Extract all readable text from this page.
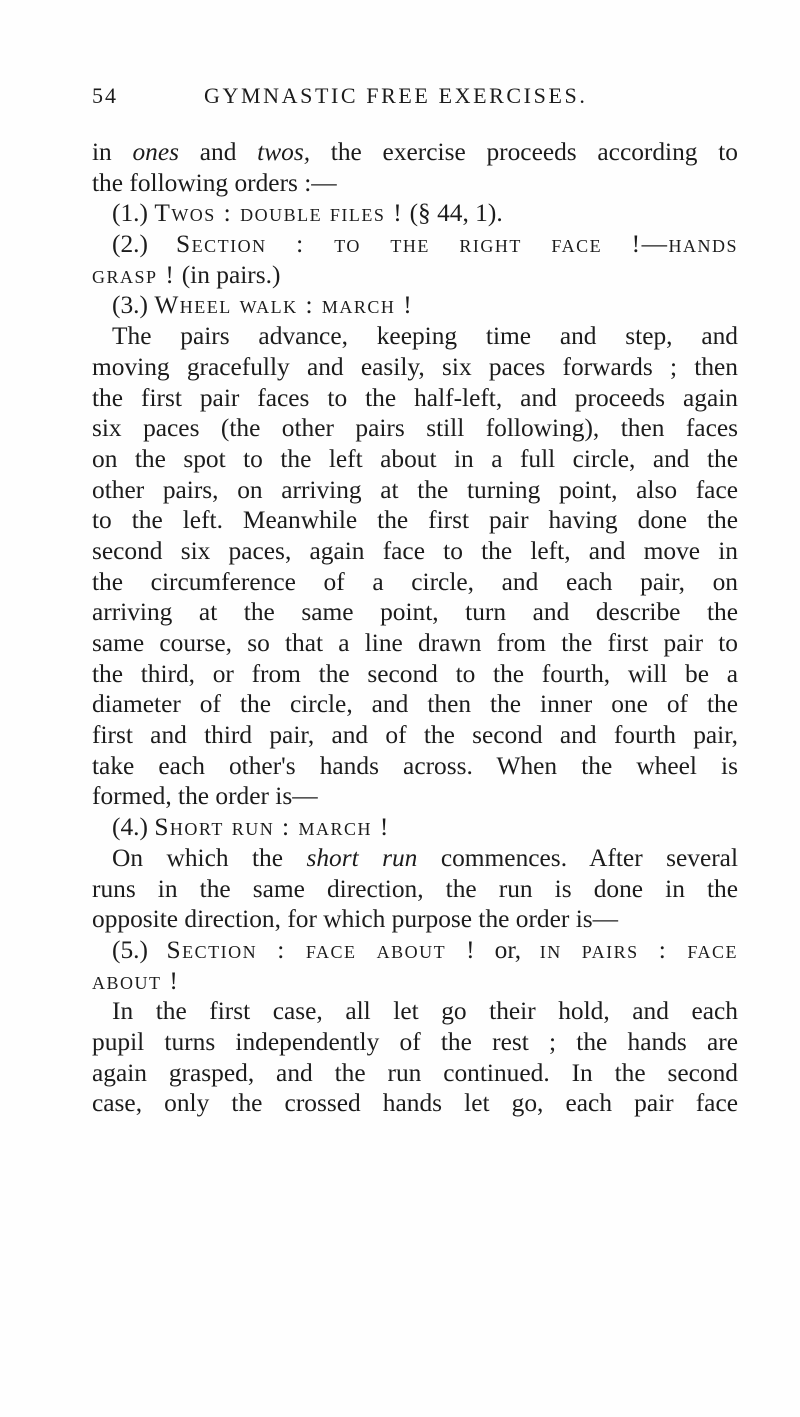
54	GYMNASTIC FREE EXERCISES.
in ones and twos, the exercise proceeds according to
the following orders :—
(1.) Twos : double files ! (§ 44, 1).
(2.) Section : to the right face !—hands
grasp ! (in pairs.)
(3.) Wheel walk : march !
The pairs advance, keeping time and step, and
moving gracefully and easily, six paces forwards ; then
the first pair faces to the half-left, and proceeds again
six paces (the other pairs still following), then faces
on the spot to the left about in a full circle, and the
other pairs, on arriving at the turning point, also face
to the left. Meanwhile the first pair having done the
second six paces, again face to the left, and move in
the circumference of a circle, and each pair, on
arriving at the same point, turn and describe the
same course, so that a line drawn from the first pair to
the third, or from the second to the fourth, will be a
diameter of the circle, and then the inner one of the
first and third pair, and of the second and fourth pair,
take each other's hands across. When the wheel is
formed, the order is—
(4.) Short run : march !
On which the short run commences. After several
runs in the same direction, the run is done in the
opposite direction, for which purpose the order is—
(5.) Section : face about ! or, in pairs : face
about !
In the first case, all let go their hold, and each
pupil turns independently of the rest ; the hands are
again grasped, and the run continued. In the second
case, only the crossed hands let go, each pair face
